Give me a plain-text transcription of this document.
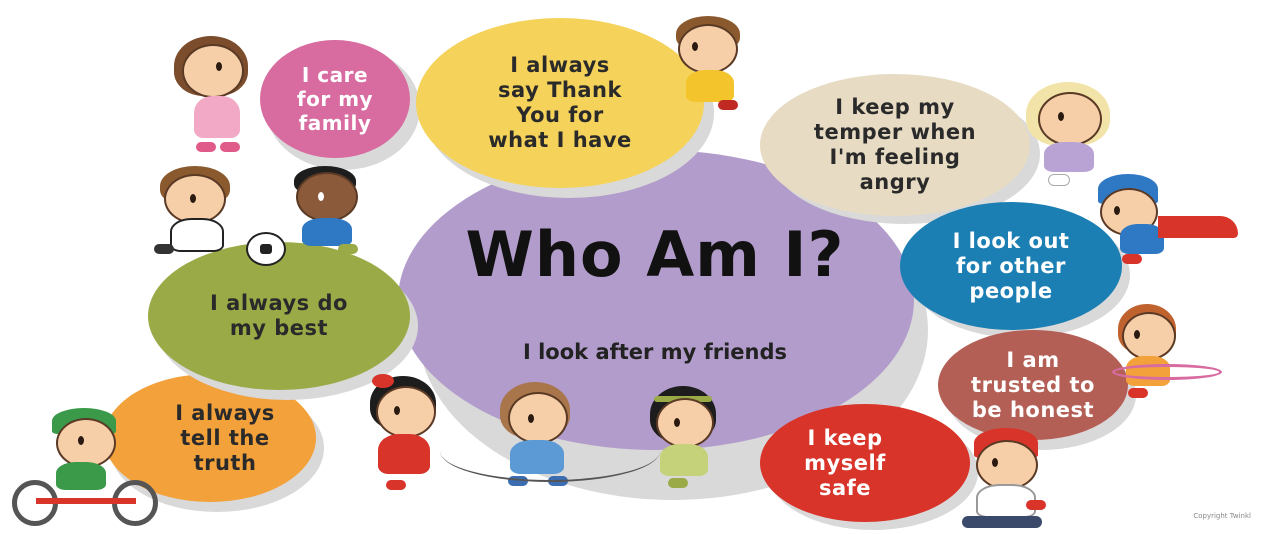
Who Am I?
I look after my friends
I care
for my
family
I always
say Thank
You for
what I have
I keep my
temper when
I'm feeling
angry
I look out
for other
people
I am
trusted to
be honest
I keep
myself
safe
I always
tell the
truth
I always do
my best
Copyright Twinkl
